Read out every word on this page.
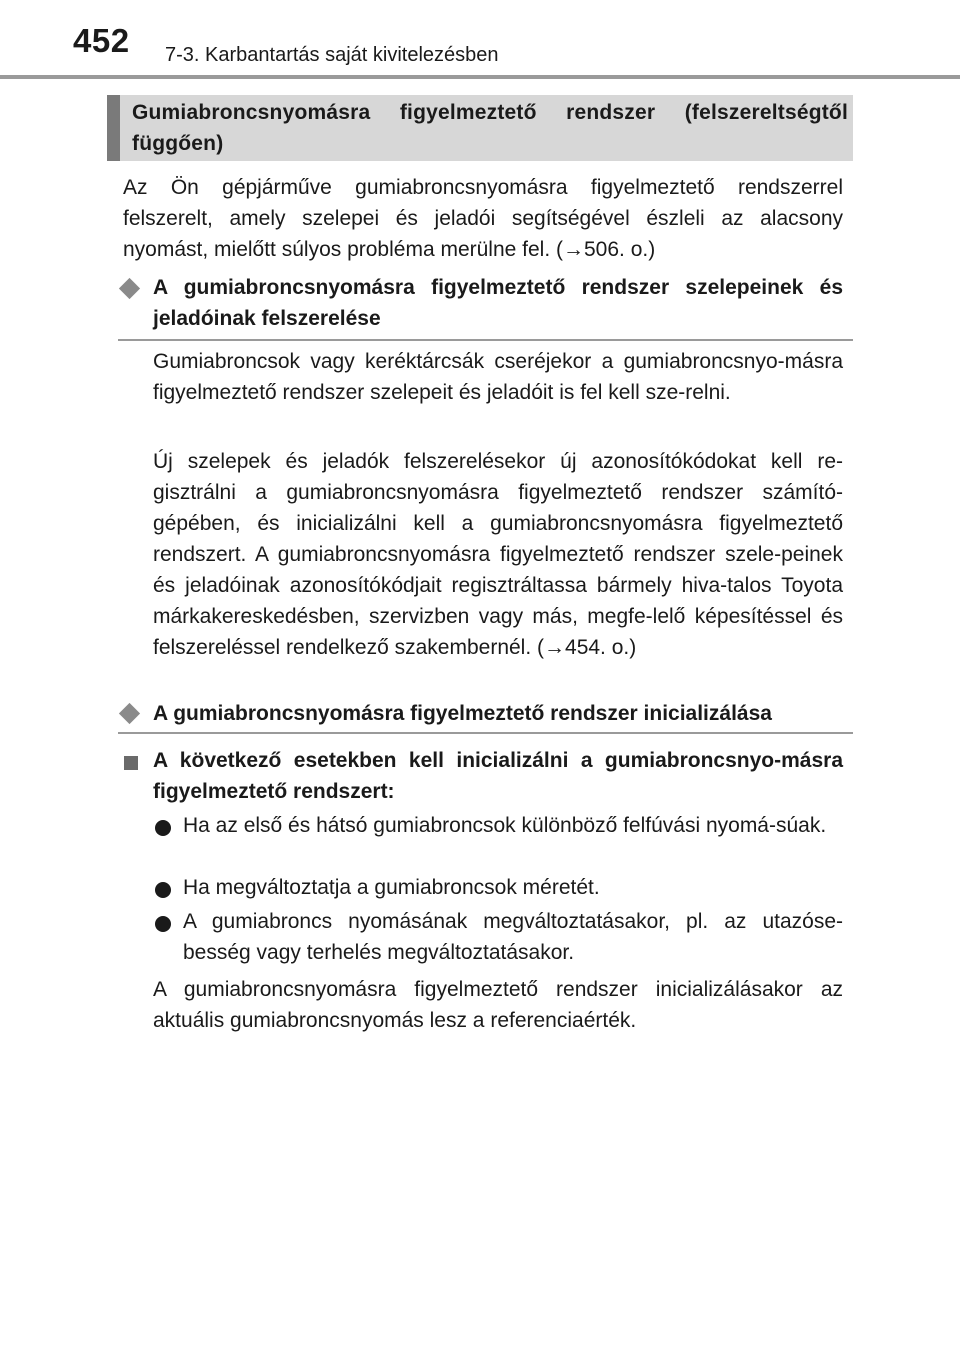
452 7-3. Karbantartás saját kivitelezésben
Gumiabroncsnyomásra figyelmeztető rendszer (felszereltségtől függően)

Az Ön gépjárműve gumiabroncsnyomásra figyelmeztető rendszerrel felszerelt, amely szelepei és jeladói segítségével észleli az alacsony nyomást, mielőtt súlyos probléma merülne fel. (→506. o.)

A gumiabroncsnyomásra figyelmeztető rendszer szelepeinek és jeladóinak felszerelése

Gumiabroncsok vagy keréktárcsák cseréjekor a gumiabroncsnyo-másra figyelmeztető rendszer szelepeit és jeladóit is fel kell sze-relni.

Új szelepek és jeladók felszerelésekor új azonosítókódokat kell re-gisztrálni a gumiabroncsnyomásra figyelmeztető rendszer számító-gépében, és inicializálni kell a gumiabroncsnyomásra figyelmeztető rendszert. A gumiabroncsnyomásra figyelmeztető rendszer szele-peinek és jeladóinak azonosítókódjait regisztráltassa bármely hiva-talos Toyota márkakereskedésben, szervizben vagy más, megfe-lelő képesítéssel és felszereléssel rendelkező szakembernél. (→454. o.)

A gumiabroncsnyomásra figyelmeztető rendszer inicializálása
A következő esetekben kell inicializálni a gumiabroncsnyo-másra figyelmeztető rendszert:

Ha az első és hátsó gumiabroncsok különböző felfúvási nyomá-súak.

Ha megváltoztatja a gumiabroncsok méretét.

A gumiabroncs nyomásának megváltoztatásakor, pl. az utazóse-besség vagy terhelés megváltoztatásakor.

A gumiabroncsnyomásra figyelmeztető rendszer inicializálásakor az aktuális gumiabroncsnyomás lesz a referenciaérték.
